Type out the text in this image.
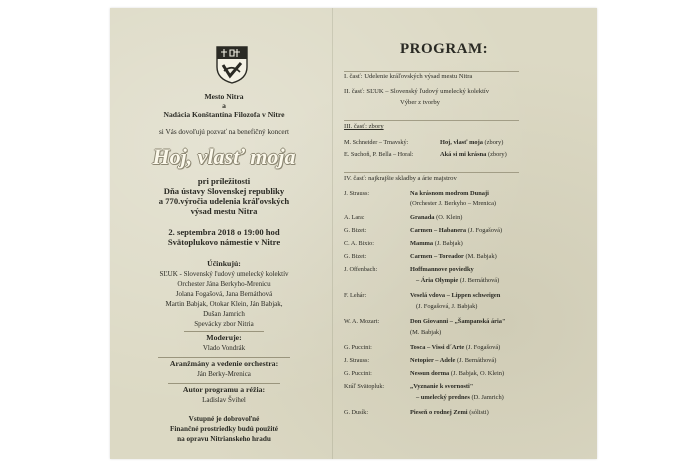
Mesto Nitra
a
Nadácia Konštantína Filozofa v Nitre
si Vás dovoľujú pozvať na benefičný koncert
Hoj, vlasť moja
pri príležitosti
Dňa ústavy Slovenskej republiky
a 770.výročia udelenia kráľovských
výsad mestu Nitra
2. septembra 2018 o 19:00 hod
Svätoplukovo námestie v Nitre
Účinkujú:
SĽUK - Slovenský ľudový umelecký kolektív
Orchester Jána Berkyho-Mrenicu
Jolana Fogašová, Jana Bernáthová
Martin Babjak, Otokar Klein, Ján Babjak,
Dušan Jamrich
Spevácky zbor Nitria
Moderuje:
Vlado Vondrák
Aranžmány a vedenie orchestra:
Ján Berky-Mrenica
Autor programu a réžia:
Ladislav Švihel
Vstupné je dobrovoľné
Finančné prostriedky budú použité
na opravu Nitrianskeho hradu
PROGRAM:
I. časť: Udelenie kráľovských výsad mestu Nitra
II. časť: SĽUK – Slovenský ľudový umelecký kolektív
Výber z tvorby
III. časť: zbory
M. Schneider – Trnavský:	Hoj, vlasť moja (zbory)
E. Suchoň, P. Bella – Horal:	Aká si mi krásna (zbory)
IV. časť: najkrajšie skladby a árie majstrov
J. Strauss:	Na krásnom modrom Dunaji
(Orchester J. Berkyho – Mrenica)
A. Lara:	Granada (O. Klein)
G. Bizet:	Carmen – Habanera (J. Fogašová)
C. A. Bixio:	Mamma (J. Babjak)
G. Bizet:	Carmen – Toreador (M. Babjak)
J. Offenbach:	Hoffmannove poviedky
– Ária Olympie (J. Bernáthová)
F. Lehár:	Veselá vdova – Lippen schweigen
(J. Fogašová, J. Babjak)
W. A. Mozart:	Don Giovanni – „Šampanská ária"
(M. Babjak)
G. Puccini:	Tosca – Vissi d´Arte (J. Fogašová)
J. Strauss:	Netopier – Adele (J. Bernáthová)
G. Puccini:	Nessun dorma (J. Babjak, O. Klein)
Kráľ Svätopluk:	„Vyznanie k svornosti"
– umelecký prednes (D. Jamrich)
G. Dusík:	Pieseň o rodnej Zemi (sólisti)
